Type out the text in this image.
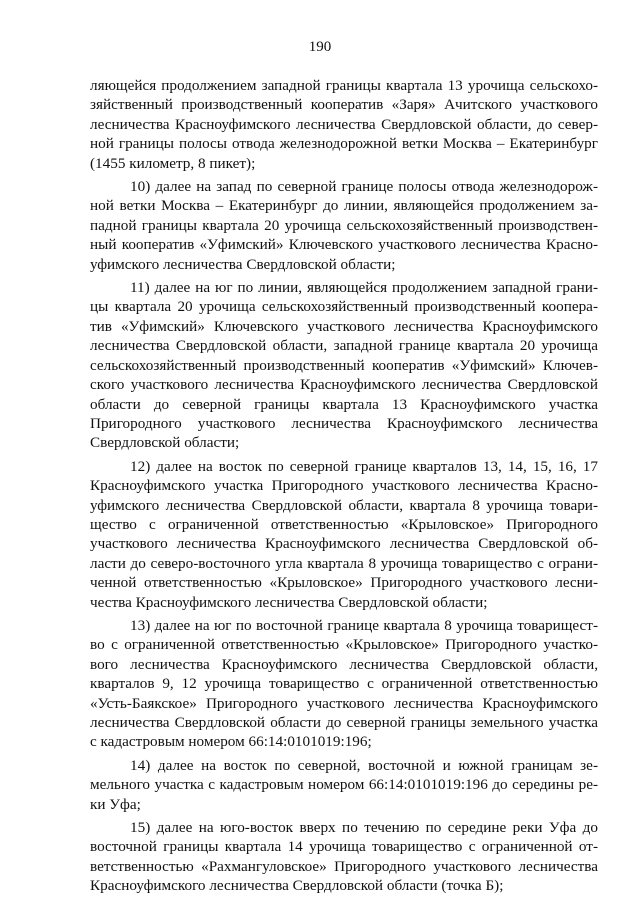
190

ляющейся продолжением западной границы квартала 13 урочища сельскохозяйственный производственный кооператив «Заря» Ачитского участкового лесничества Красноуфимского лесничества Свердловской области, до северной границы полосы отвода железнодорожной ветки Москва – Екатеринбург (1455 километр, 8 пикет);

10) далее на запад по северной границе полосы отвода железнодорожной ветки Москва – Екатеринбург до линии, являющейся продолжением западной границы квартала 20 урочища сельскохозяйственный производственный кооператив «Уфимский» Ключевского участкового лесничества Красноуфимского лесничества Свердловской области;

11) далее на юг по линии, являющейся продолжением западной границы квартала 20 урочища сельскохозяйственный производственный кооператив «Уфимский» Ключевского участкового лесничества Красноуфимского лесничества Свердловской области, западной границе квартала 20 урочища сельскохозяйственный производственный кооператив «Уфимский» Ключевского участкового лесничества Красноуфимского лесничества Свердловской области до северной границы квартала 13 Красноуфимского участка Пригородного участкового лесничества Красноуфимского лесничества Свердловской области;

12) далее на восток по северной границе кварталов 13, 14, 15, 16, 17 Красноуфимского участка Пригородного участкового лесничества Красноуфимского лесничества Свердловской области, квартала 8 урочища товарищество с ограниченной ответственностью «Крыловское» Пригородного участкового лесничества Красноуфимского лесничества Свердловской области до северо-восточного угла квартала 8 урочища товарищество с ограниченной ответственностью «Крыловское» Пригородного участкового лесничества Красноуфимского лесничества Свердловской области;

13) далее на юг по восточной границе квартала 8 урочища товарищество с ограниченной ответственностью «Крыловское» Пригородного участкового лесничества Красноуфимского лесничества Свердловской области, кварталов 9, 12 урочища товарищество с ограниченной ответственностью «Усть-Баякское» Пригородного участкового лесничества Красноуфимского лесничества Свердловской области до северной границы земельного участка с кадастровым номером 66:14:0101019:196;

14) далее на восток по северной, восточной и южной границам земельного участка с кадастровым номером 66:14:0101019:196 до середины реки Уфа;

15) далее на юго-восток вверх по течению по середине реки Уфа до восточной границы квартала 14 урочища товарищество с ограниченной ответственностью «Рахмангуловское» Пригородного участкового лесничества Красноуфимского лесничества Свердловской области (точка Б);
